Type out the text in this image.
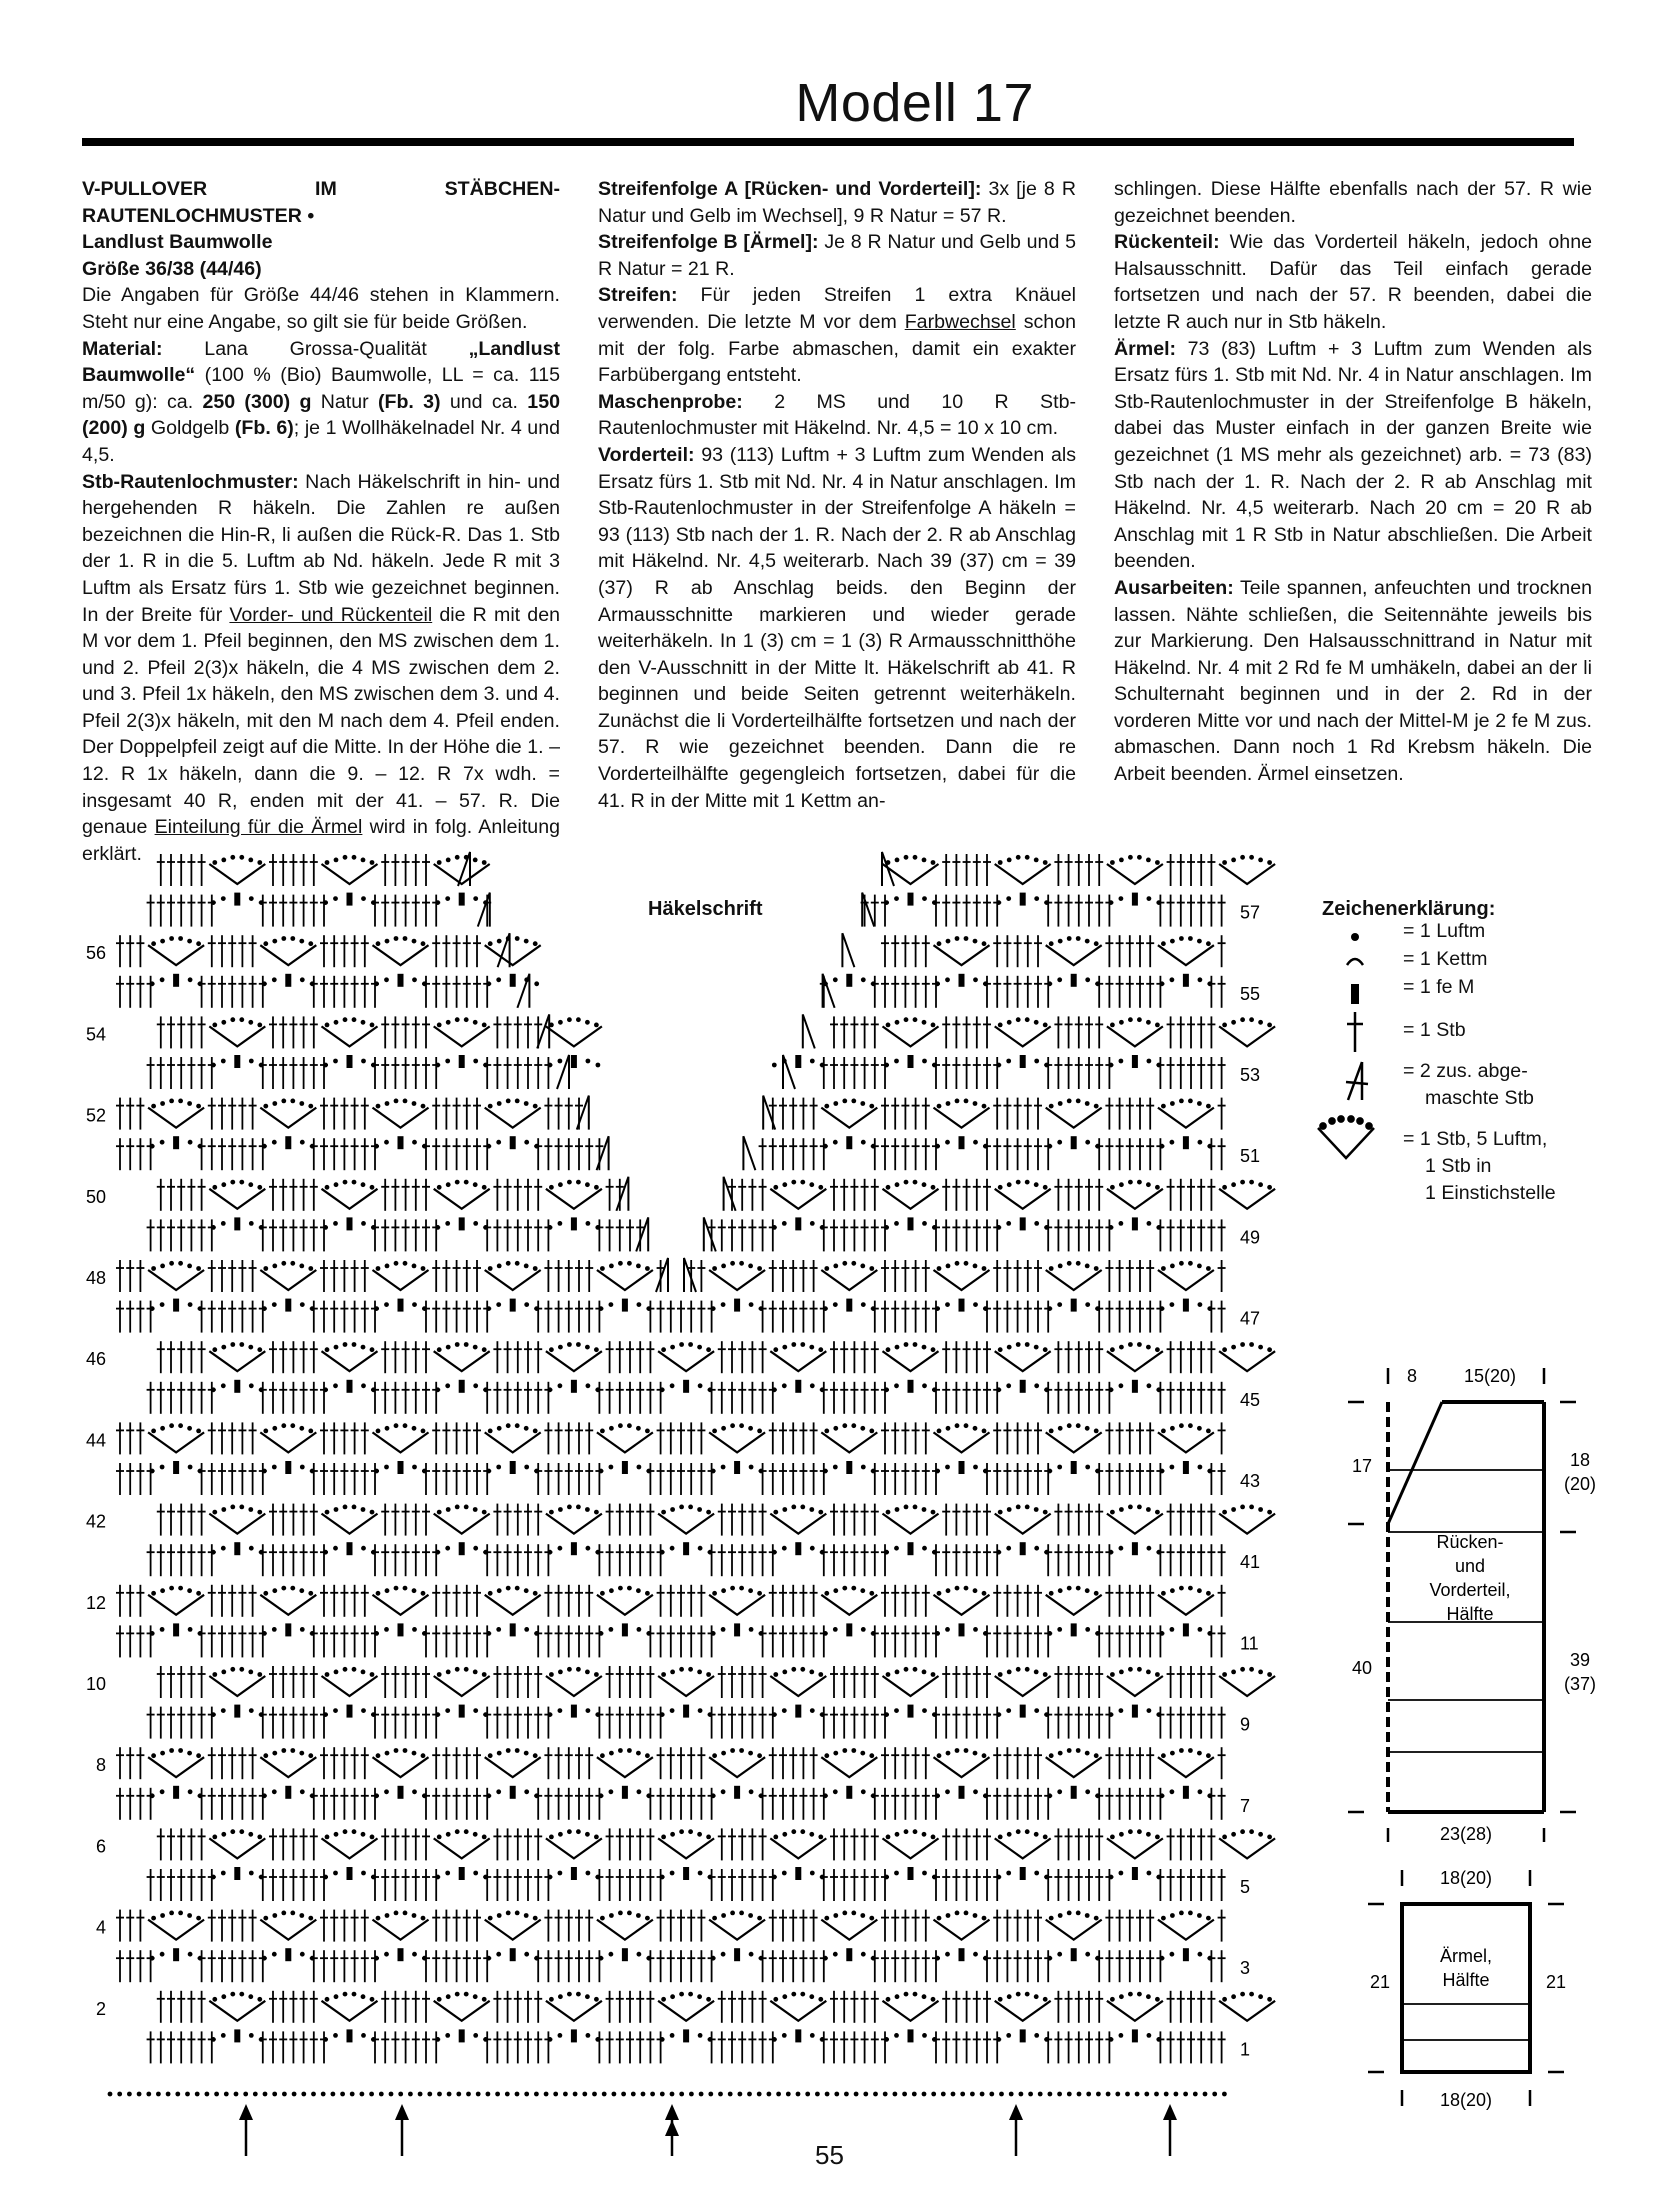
Modell 17

V-PULLOVER IM STÄBCHEN-RAUTENLOCHMUSTER •
Landlust Baumwolle
Größe 36/38 (44/46)

Die Angaben für Größe 44/46 stehen in Klammern. Steht nur eine Angabe, so gilt sie für beide Größen.

Material: Lana Grossa-Qualität „Landlust Baumwolle“ (100 % (Bio) Baumwolle, LL = ca. 115 m/50 g): ca. 250 (300) g Natur (Fb. 3) und ca. 150 (200) g Goldgelb (Fb. 6); je 1 Wollhäkelnadel Nr. 4 und 4,5.

Stb-Rautenlochmuster: Nach Häkelschrift in hin- und hergehenden R häkeln. Die Zahlen re außen bezeichnen die Hin-R, li außen die Rück-R. Das 1. Stb der 1. R in die 5. Luftm ab Nd. häkeln. Jede R mit 3 Luftm als Ersatz fürs 1. Stb wie gezeichnet beginnen. In der Breite für Vorder- und Rückenteil die R mit den M vor dem 1. Pfeil beginnen, den MS zwischen dem 1. und 2. Pfeil 2(3)x häkeln, die 4 MS zwischen dem 2. und 3. Pfeil 1x häkeln, den MS zwischen dem 3. und 4. Pfeil 2(3)x häkeln, mit den M nach dem 4. Pfeil enden. Der Doppelpfeil zeigt auf die Mitte. In der Höhe die 1. – 12. R 1x häkeln, dann die 9. – 12. R 7x wdh. = insgesamt 40 R, enden mit der 41. – 57. R. Die genaue Einteilung für die Ärmel wird in folg. Anleitung erklärt.

Streifenfolge A [Rücken- und Vorderteil]: 3x [je 8 R Natur und Gelb im Wechsel], 9 R Natur = 57 R.

Streifenfolge B [Ärmel]: Je 8 R Natur und Gelb und 5 R Natur = 21 R.

Streifen: Für jeden Streifen 1 extra Knäuel verwenden. Die letzte M vor dem Farbwechsel schon mit der folg. Farbe abmaschen, damit ein exakter Farbübergang entsteht.

Maschenprobe: 2 MS und 10 R Stb-Rautenlochmuster mit Häkelnd. Nr. 4,5 = 10 x 10 cm.

Vorderteil: 93 (113) Luftm + 3 Luftm zum Wenden als Ersatz fürs 1. Stb mit Nd. Nr. 4 in Natur anschlagen. Im Stb-Rautenlochmuster in der Streifenfolge A häkeln = 93 (113) Stb nach der 1. R. Nach der 2. R ab Anschlag mit Häkelnd. Nr. 4,5 weiterarb. Nach 39 (37) cm = 39 (37) R ab Anschlag beids. den Beginn der Armausschnitte markieren und wieder gerade weiterhäkeln. In 1 (3) cm = 1 (3) R Armausschnitthöhe den V-Ausschnitt in der Mitte lt. Häkelschrift ab 41. R beginnen und beide Seiten getrennt weiterhäkeln. Zunächst die li Vorderteilhälfte fortsetzen und nach der 57. R wie gezeichnet beenden. Dann die re Vorderteilhälfte gegengleich fortsetzen, dabei für die 41. R in der Mitte mit 1 Kettm an-

schlingen. Diese Hälfte ebenfalls nach der 57. R wie gezeichnet beenden.

Rückenteil: Wie das Vorderteil häkeln, jedoch ohne Halsausschnitt. Dafür das Teil einfach gerade fortsetzen und nach der 57. R beenden, dabei die letzte R auch nur in Stb häkeln.

Ärmel: 73 (83) Luftm + 3 Luftm zum Wenden als Ersatz fürs 1. Stb mit Nd. Nr. 4 in Natur anschlagen. Im Stb-Rautenlochmuster in der Streifenfolge B häkeln, dabei das Muster einfach in der ganzen Breite wie gezeichnet (1 MS mehr als gezeichnet) arb. = 73 (83) Stb nach der 1. R. Nach der 2. R ab Anschlag mit Häkelnd. Nr. 4,5 weiterarb. Nach 20 cm = 20 R ab Anschlag mit 1 R Stb in Natur abschließen. Die Arbeit beenden.

Ausarbeiten: Teile spannen, anfeuchten und trocknen lassen. Nähte schließen, die Seitennähte jeweils bis zur Markierung. Den Halsausschnittrand in Natur mit Häkelnd. Nr. 4 mit 2 Rd fe M umhäkeln, dabei an der li Schulternaht beginnen und in der 2. Rd in der vorderen Mitte vor und nach der Mittel-M je 2 fe M zus. abmaschen. Dann noch 1 Rd Krebsm häkeln. Die Arbeit beenden. Ärmel einsetzen.

Häkelschrift
1
3
5
7
9
11
41
43
45
47
49
51
53
55
57
2
4
6
8
10
12
42
44
46
48
50
52
54
56
Zeichenerklärung:
= 1 Luftm
= 1 Kettm
= 1 fe M
= 1 Stb
= 2 zus. abge-
maschte Stb
= 1 Stb, 5 Luftm,
1 Stb in
1 Einstichstelle
8	15(20)
17
40
18
(20)
39
(37)
Rücken-
und
Vorderteil,
Hälfte
23(28)
18(20)
21	21
Ärmel,
Hälfte
18(20)
55
